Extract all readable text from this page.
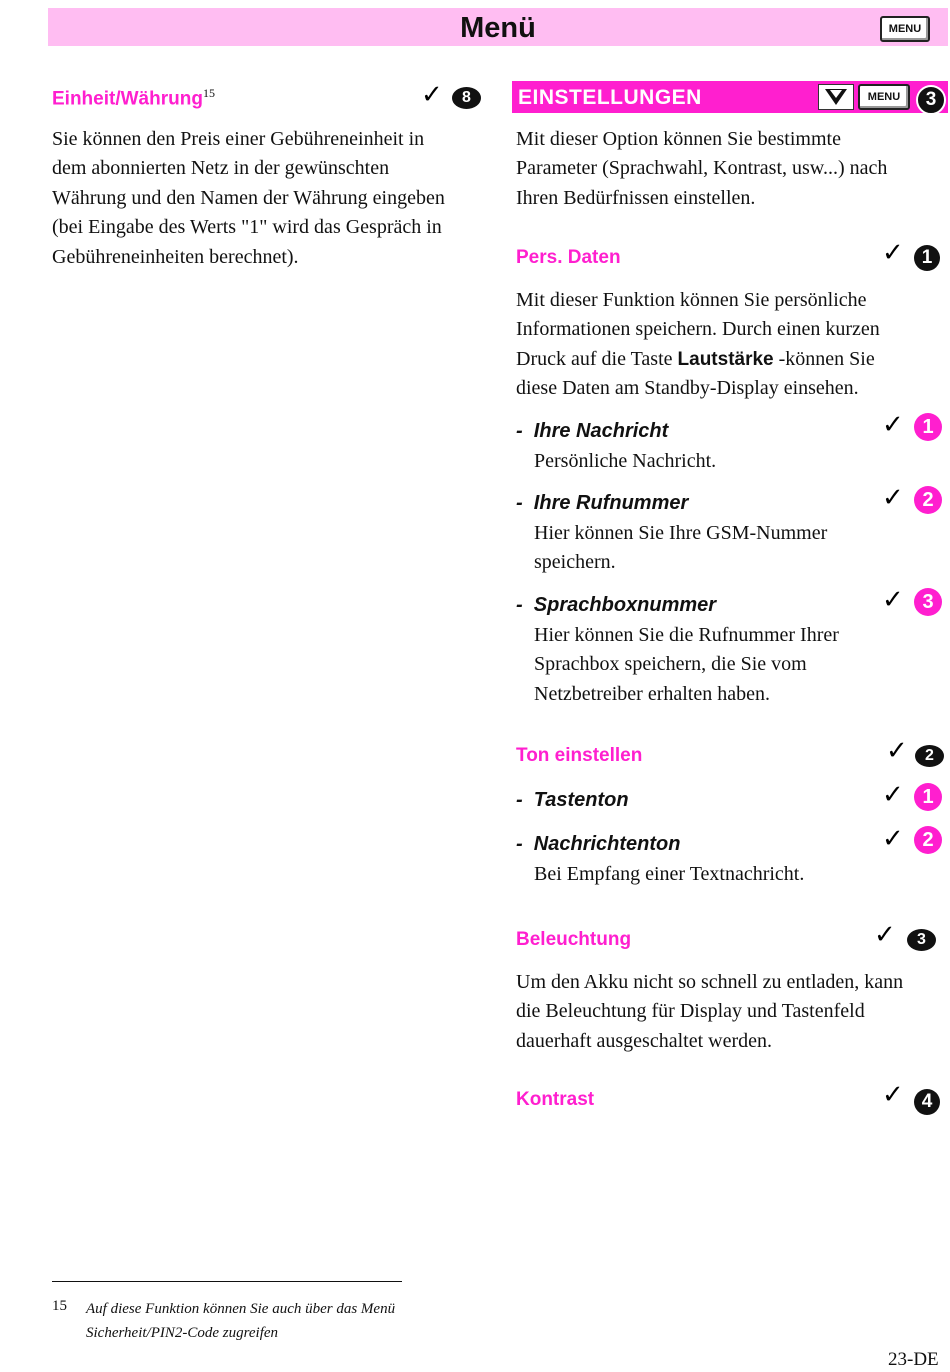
Menü	MENU
Einheit/Währung$^{15}$	✓	8
Sie können den Preis einer Gebühreneinheit in
dem abonnierten Netz in der gewünschten
Währung und den Namen der Währung eingeben
(bei Eingabe des Werts "1" wird das Gespräch in
Gebühreneinheiten berechnet).
EINSTELLUNGEN	MENU	3
Mit dieser Option können Sie bestimmte
Parameter (Sprachwahl, Kontrast, usw...) nach
Ihren Bedürfnissen einstellen.
Pers. Daten	✓ 1
Mit dieser Funktion können Sie persönliche
Informationen speichern. Durch einen kurzen
Druck auf die Taste Lautstärke -können Sie
diese Daten am Standby-Display einsehen.
- Ihre Nachricht	✓ 1
Persönliche Nachricht.
- Ihre Rufnummer	✓ 2
Hier können Sie Ihre GSM-Nummer
speichern.
- Sprachboxnummer	✓ 3
Hier können Sie die Rufnummer Ihrer
Sprachbox speichern, die Sie vom
Netzbetreiber erhalten haben.
Ton einstellen	✓	2
- Tastenton	✓ 1
- Nachrichtenton	✓ 2
Bei Empfang einer Textnachricht.
Beleuchtung	✓	3
Um den Akku nicht so schnell zu entladen, kann
die Beleuchtung für Display und Tastenfeld
dauerhaft ausgeschaltet werden.
Kontrast	✓ 4
15 Auf diese Funktion können Sie auch über das Menü
Sicherheit/PIN2-Code zugreifen
23-DE
